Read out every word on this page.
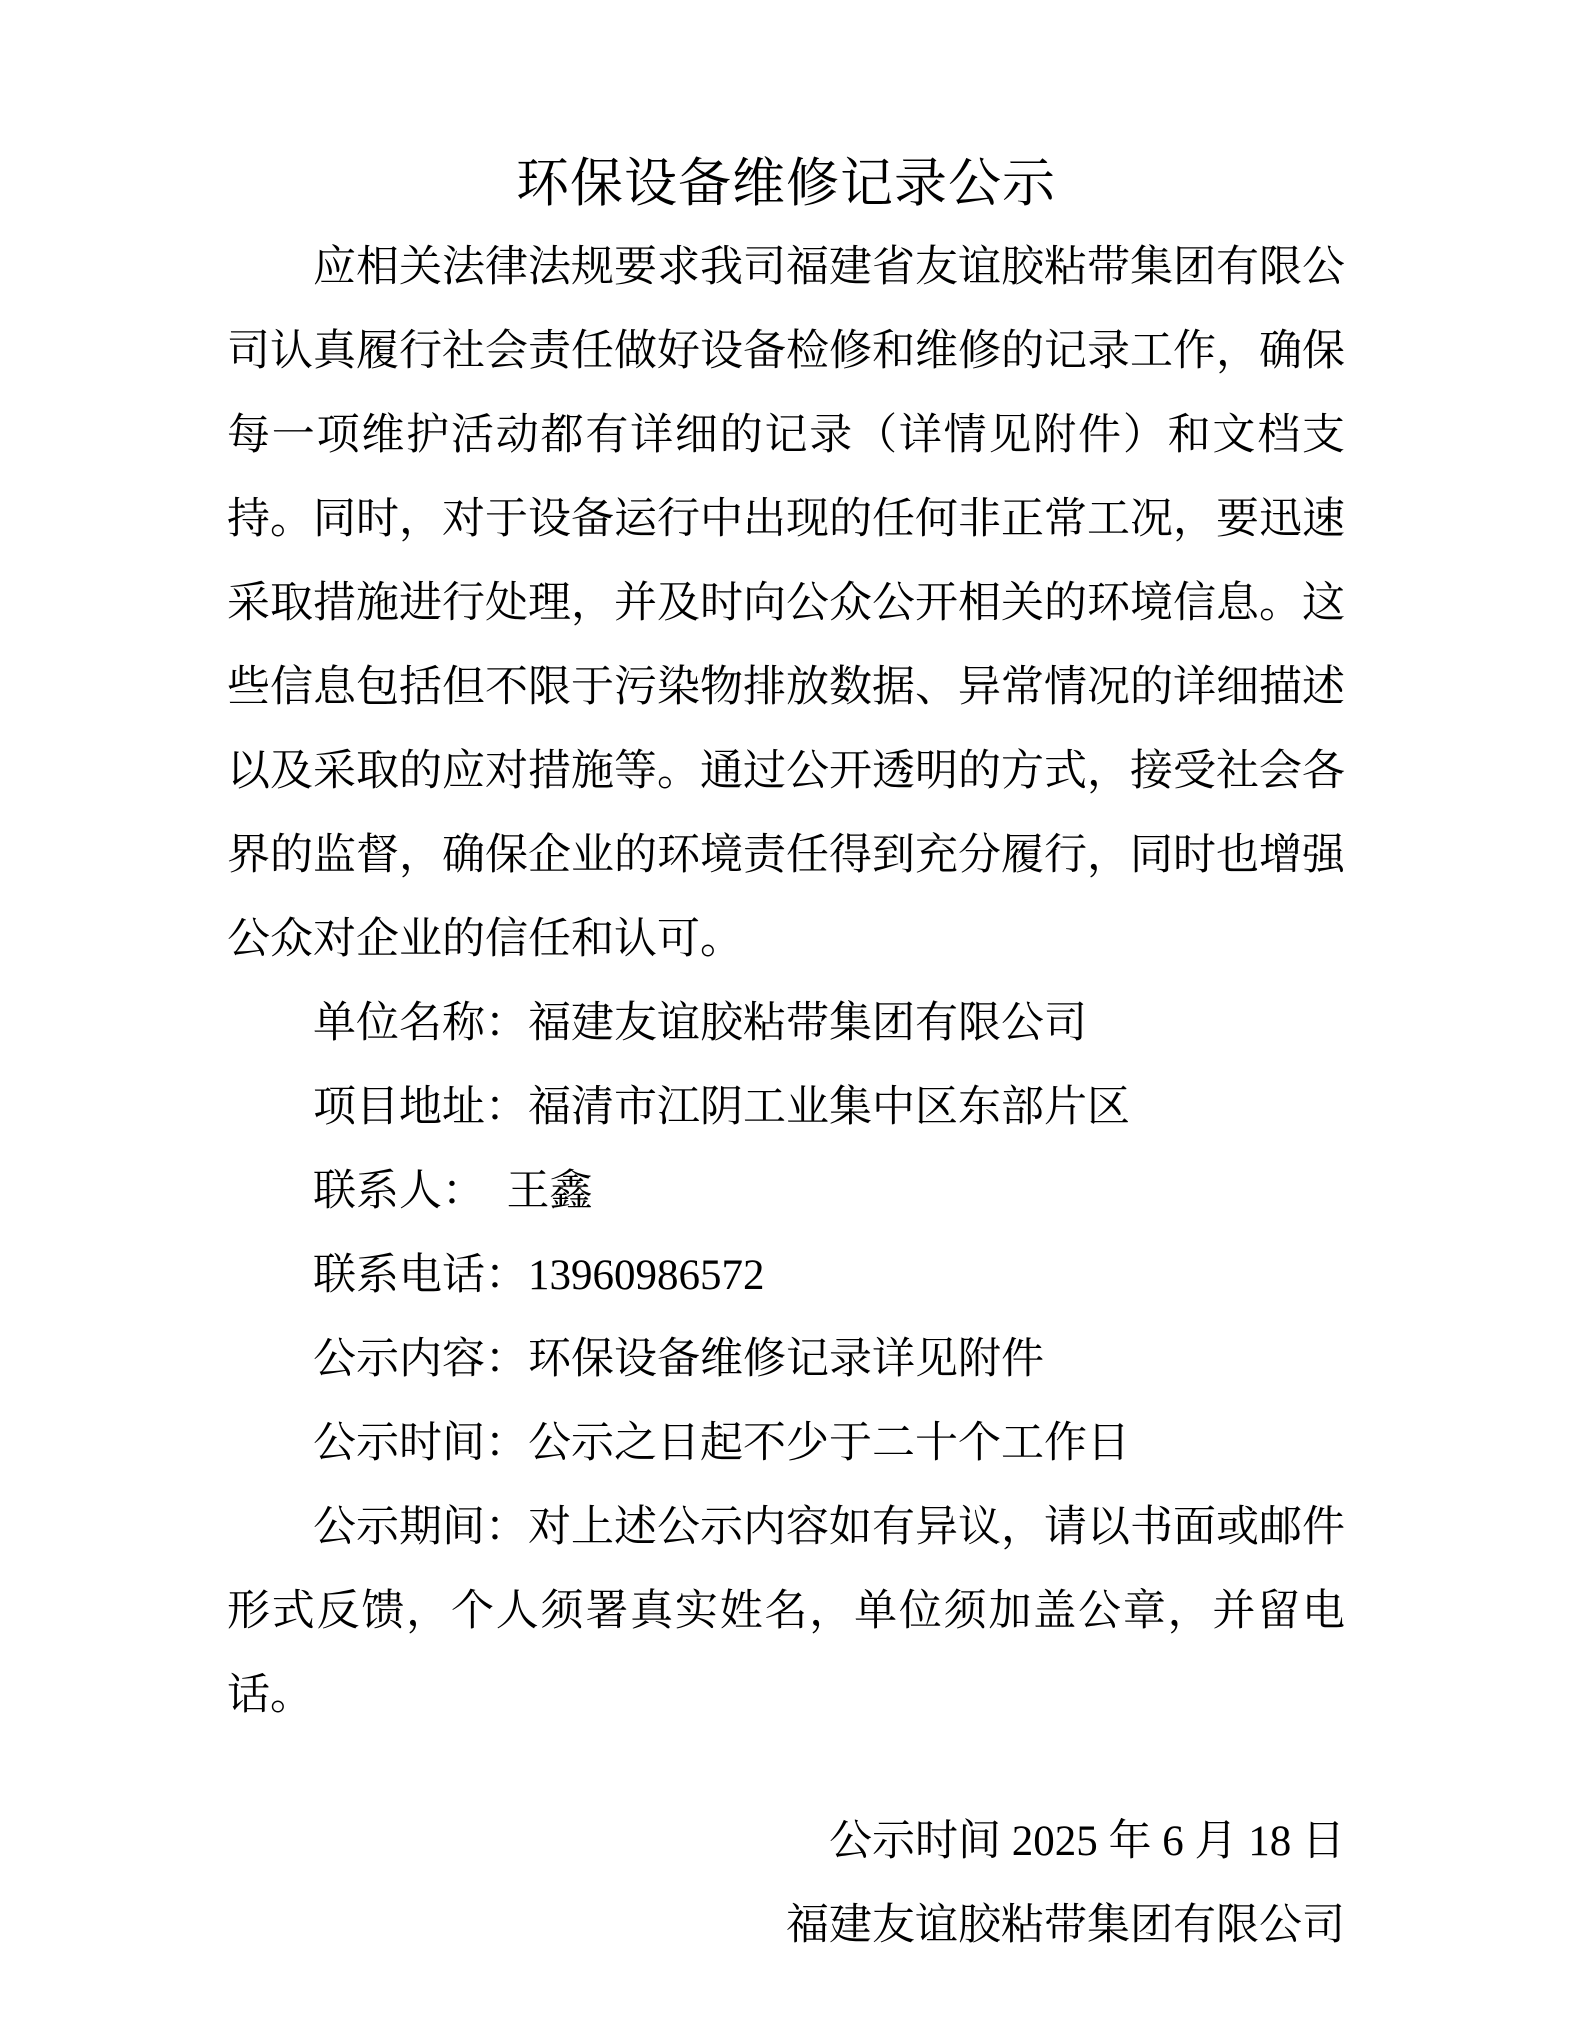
环保设备维修记录公示

应相关法律法规要求我司福建省友谊胶粘带集团有限公司认真履行社会责任做好设备检修和维修的记录工作，确保每一项维护活动都有详细的记录（详情见附件）和文档支持。同时，对于设备运行中出现的任何非正常工况，要迅速采取措施进行处理，并及时向公众公开相关的环境信息。这些信息包括但不限于污染物排放数据、异常情况的详细描述以及采取的应对措施等。通过公开透明的方式，接受社会各界的监督，确保企业的环境责任得到充分履行，同时也增强公众对企业的信任和认可。

单位名称：福建友谊胶粘带集团有限公司

项目地址：福清市江阴工业集中区东部片区

联系人：　王鑫

联系电话：13960986572

公示内容：环保设备维修记录详见附件

公示时间：公示之日起不少于二十个工作日

公示期间：对上述公示内容如有异议，请以书面或邮件形式反馈，个人须署真实姓名，单位须加盖公章，并留电话。

公示时间 2025 年 6 月 18 日

福建友谊胶粘带集团有限公司
